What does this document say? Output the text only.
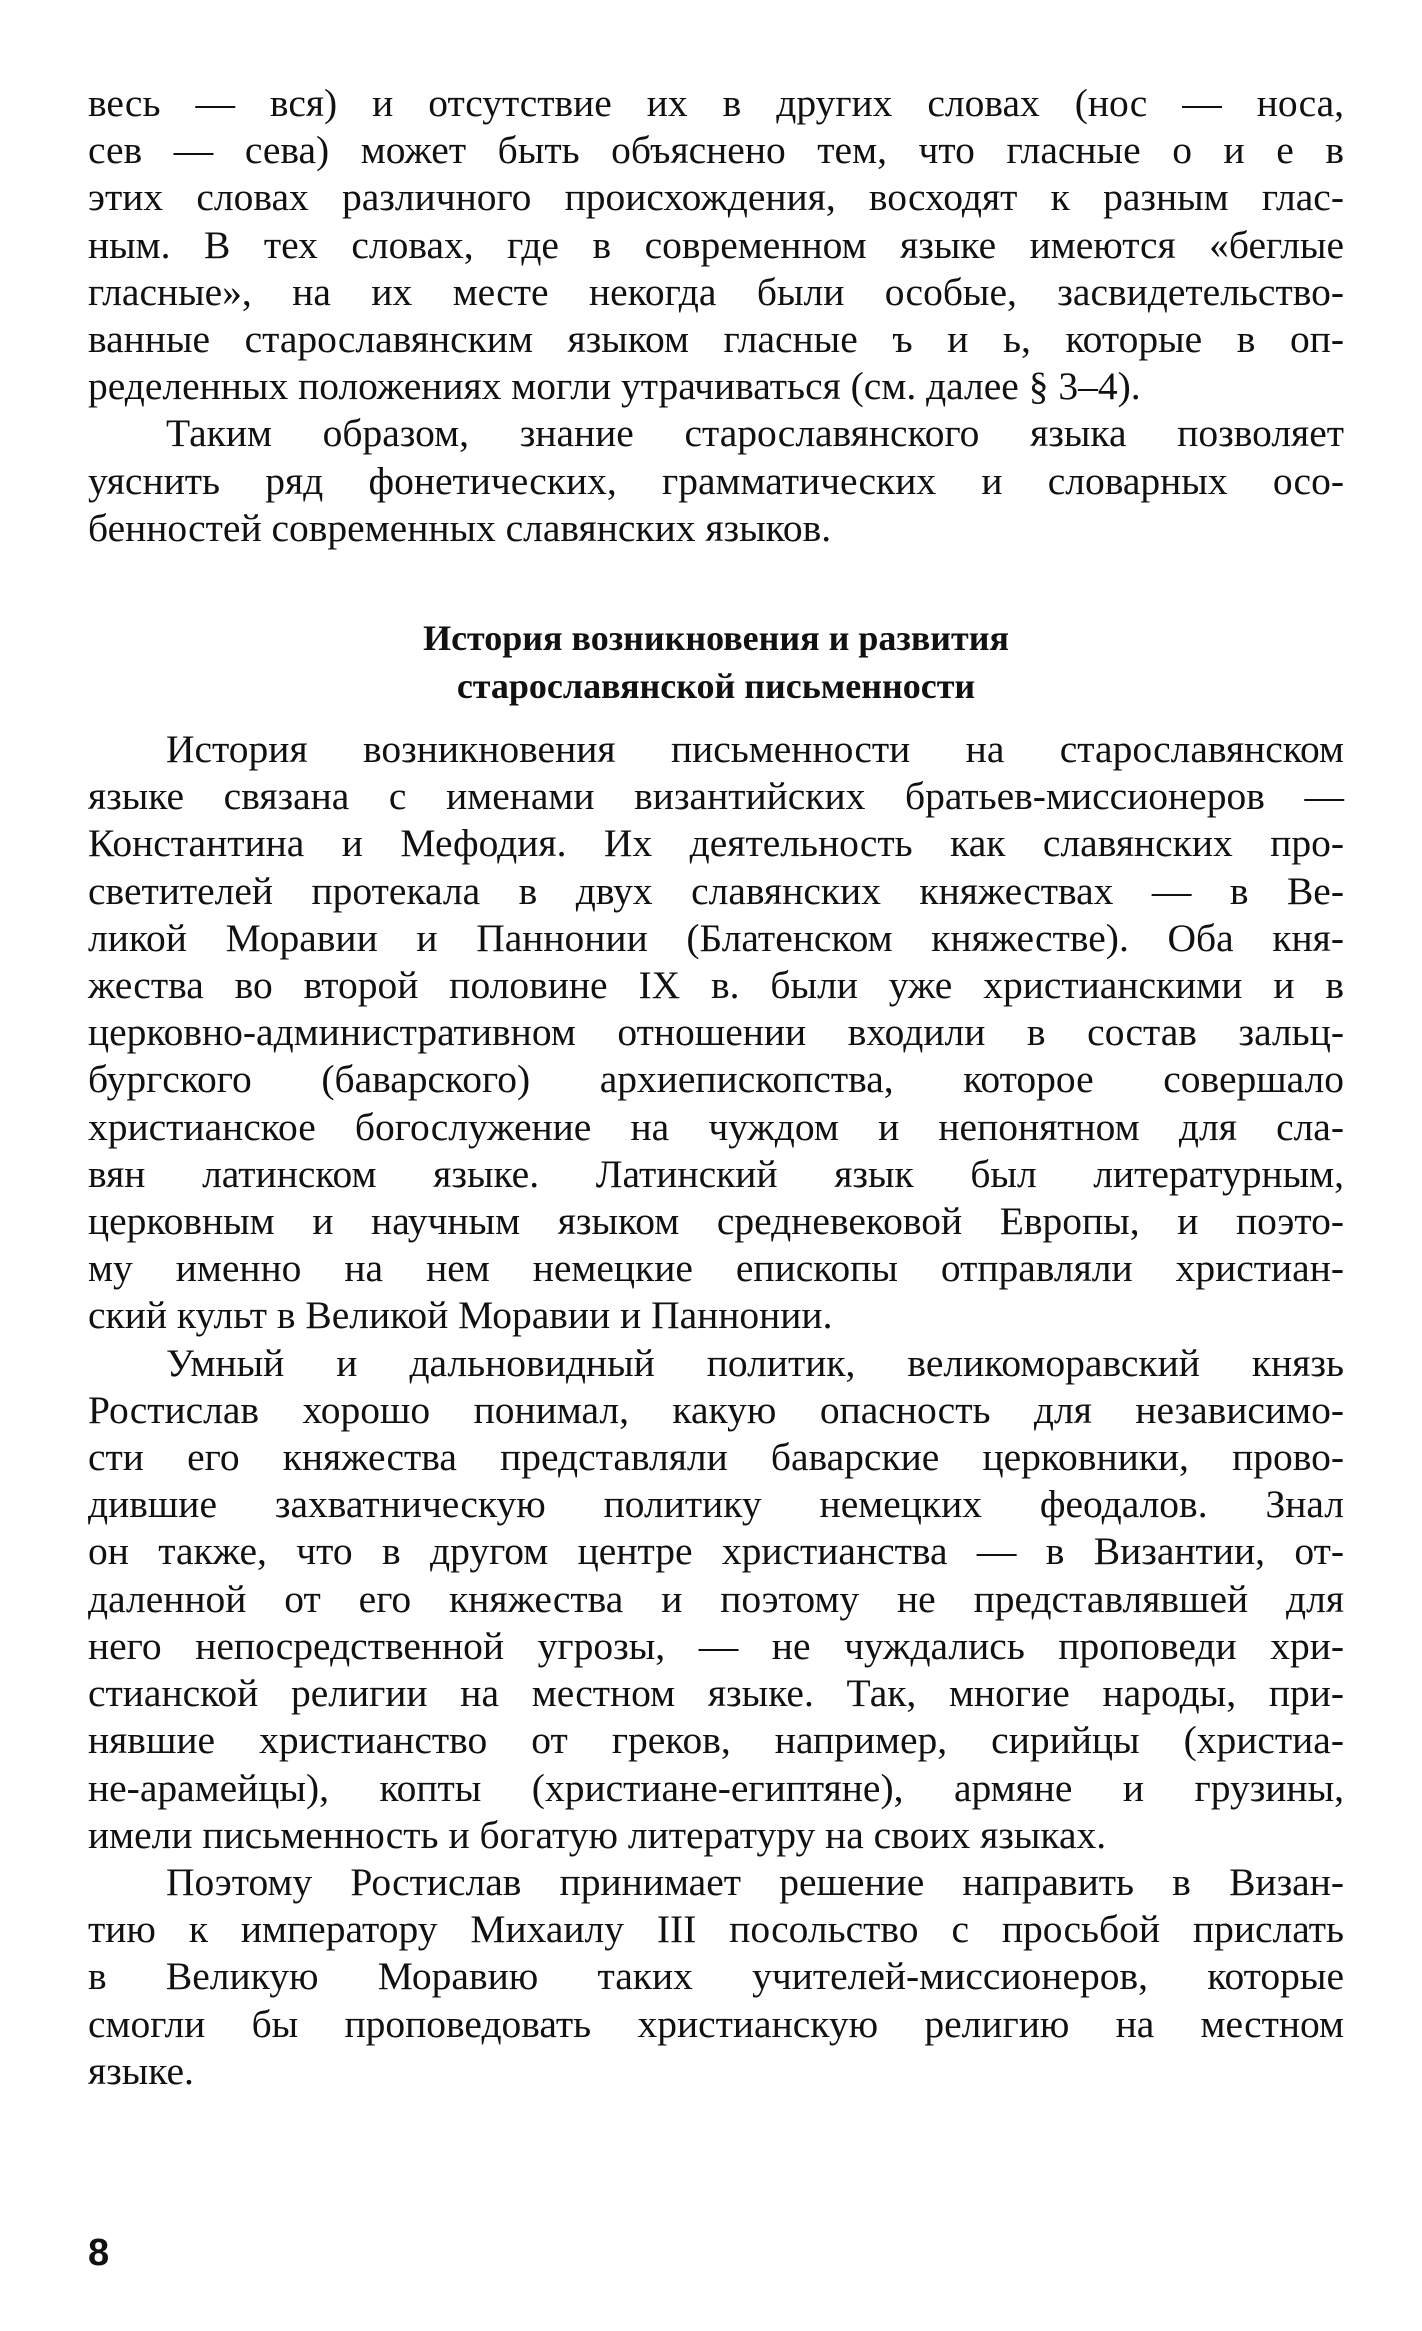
весь — вся) и отсутствие их в других словах (нос — носа,
сев — сева) может быть объяснено тем, что гласные о и е в
этих словах различного происхождения, восходят к разным глас-
ным. В тех словах, где в современном языке имеются «беглые
гласные», на их месте некогда были особые, засвидетельство-
ванные старославянским языком гласные ъ и ь, которые в оп-
ределенных положениях могли утрачиваться (см. далее § 3–4).
Таким образом, знание старославянского языка позволяет
уяснить ряд фонетических, грамматических и словарных осо-
бенностей современных славянских языков.

История возникновения и развития

старославянской письменности

История возникновения письменности на старославянском
языке связана с именами византийских братьев-миссионеров —
Константина и Мефодия. Их деятельность как славянских про-
светителей протекала в двух славянских княжествах — в Ве-
ликой Моравии и Паннонии (Блатенском княжестве). Оба кня-
жества во второй половине IX в. были уже христианскими и в
церковно-административном отношении входили в состав зальц-
бургского (баварского) архиепископства, которое совершало
христианское богослужение на чуждом и непонятном для сла-
вян латинском языке. Латинский язык был литературным,
церковным и научным языком средневековой Европы, и поэто-
му именно на нем немецкие епископы отправляли христиан-
ский культ в Великой Моравии и Паннонии.
Умный и дальновидный политик, великоморавский князь
Ростислав хорошо понимал, какую опасность для независимо-
сти его княжества представляли баварские церковники, прово-
дившие захватническую политику немецких феодалов. Знал
он также, что в другом центре христианства — в Византии, от-
даленной от его княжества и поэтому не представлявшей для
него непосредственной угрозы, — не чуждались проповеди хри-
стианской религии на местном языке. Так, многие народы, при-
нявшие христианство от греков, например, сирийцы (христиа-
не-арамейцы), копты (христиане-египтяне), армяне и грузины,
имели письменность и богатую литературу на своих языках.
Поэтому Ростислав принимает решение направить в Визан-
тию к императору Михаилу III посольство с просьбой прислать
в Великую Моравию таких учителей-миссионеров, которые
смогли бы проповедовать христианскую религию на местном
языке.
8
